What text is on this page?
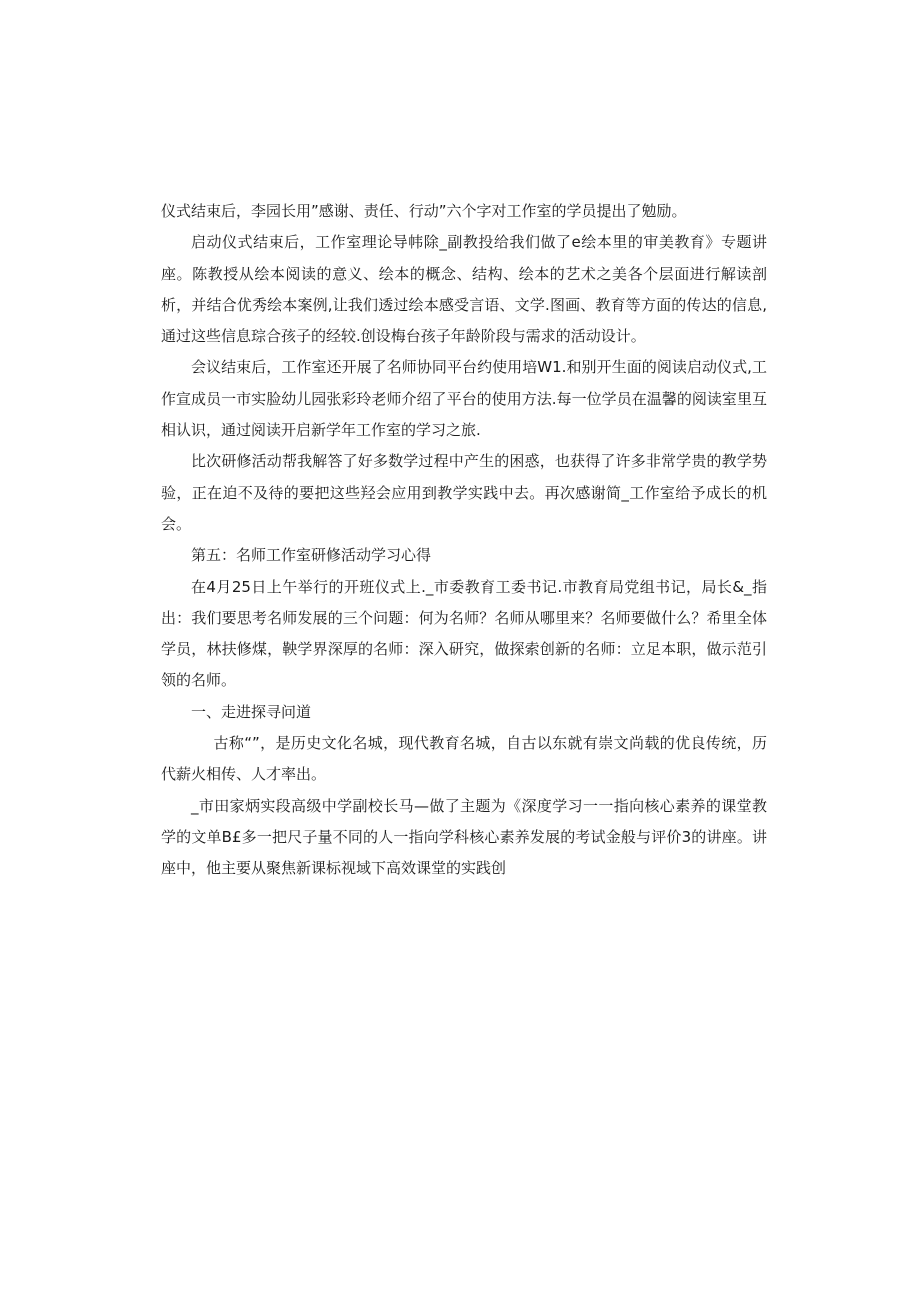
仪式结束后，李园长用”感谢、责任、行动”六个字对工作室的学员提出了勉励。

启动仪式结束后，工作室理论导帏除_副教投给我们做了e绘本里的审美教育》专题讲座。陈教授从绘本阅读的意义、绘本的概念、结构、绘本的艺术之美各个层面进行解读剖析，并结合优秀绘本案例,让我们透过绘本感受言语、文学.图画、教育等方面的传达的信息,通过这些信息琮合孩子的经较.创设梅台孩子年龄阶段与需求的活动设计。

会议结束后，工作室还开展了名师协同平台约使用培W1.和别开生面的阅读启动仪式,工作宣成员一市实脸幼儿园张彩玲老师介绍了平台的使用方法.每一位学员在温馨的阅读室里互相认识，通过阅读开启新学年工作室的学习之旅.

比次研修活动帮我解答了好多数学过程中产生的困惑，也获得了许多非常学贵的教学势验，正在迫不及待的要把这些羟会应用到教学实践中去。再次感谢简_工作室给予成长的机会。

第五：名师工作室研修活动学习心得

在4月25日上午举行的开班仪式上._市委教育工委书记.市教育局党组书记，局长&_指出：我们要思考名师发展的三个问题：何为名师？名师从哪里来？名师要做什么？希里全体学员，林扶修煤，鞅学界深厚的名师：深入研究，做探索创新的名师：立足本职，做示范引领的名师。

一、走进探寻问道

古称“”，是历史文化名城，现代教育名城，自古以东就有崇文尚载的优良传统，历代薪火相传、人才率出。

_市田家炳实段高级中学副校长马—做了主题为《深度学习一一指向核心素养的课堂教学的文单B£多一把尺子量不同的人一指向学科核心素养发展的考试金般与评价3的讲座。讲座中，他主要从聚焦新课标视域下高效课堂的实践创
